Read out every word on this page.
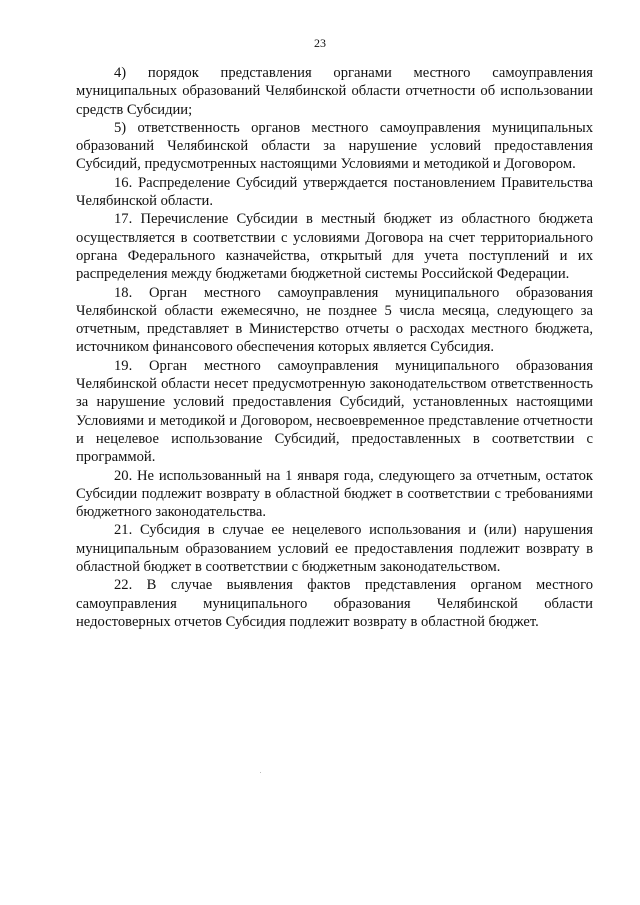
23

4) порядок представления органами местного самоуправления муниципальных образований Челябинской области отчетности об использовании средств Субсидии;

5) ответственность органов местного самоуправления муниципальных образований Челябинской области за нарушение условий предоставления Субсидий, предусмотренных настоящими Условиями и методикой и Договором.

16. Распределение Субсидий утверждается постановлением Правительства Челябинской области.

17. Перечисление Субсидии в местный бюджет из областного бюджета осуществляется в соответствии с условиями Договора на счет территориального органа Федерального казначейства, открытый для учета поступлений и их распределения между бюджетами бюджетной системы Российской Федерации.

18. Орган местного самоуправления муниципального образования Челябинской области ежемесячно, не позднее 5 числа месяца, следующего за отчетным, представляет в Министерство отчеты о расходах местного бюджета, источником финансового обеспечения которых является Субсидия.

19. Орган местного самоуправления муниципального образования Челябинской области несет предусмотренную законодательством ответственность за нарушение условий предоставления Субсидий, установленных настоящими Условиями и методикой и Договором, несвоевременное представление отчетности и нецелевое использование Субсидий, предоставленных в соответствии с программой.

20. Не использованный на 1 января года, следующего за отчетным, остаток Субсидии подлежит возврату в областной бюджет в соответствии с требованиями бюджетного законодательства.

21. Субсидия в случае ее нецелевого использования и (или) нарушения муниципальным образованием условий ее предоставления подлежит возврату в областной бюджет в соответствии с бюджетным законодательством.

22. В случае выявления фактов представления органом местного самоуправления муниципального образования Челябинской области недостоверных отчетов Субсидия подлежит возврату в областной бюджет.
